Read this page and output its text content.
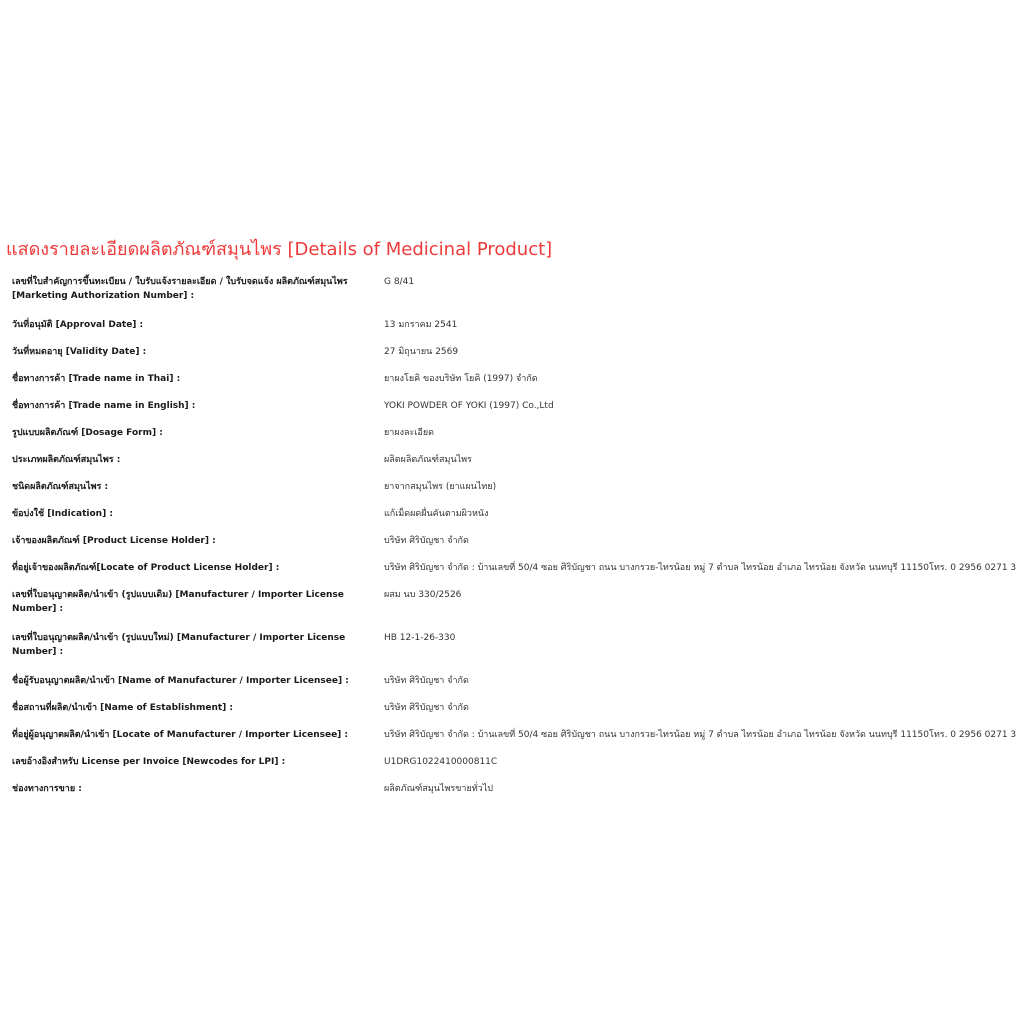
แสดงรายละเอียดผลิตภัณฑ์สมุนไพร [Details of Medicinal Product]
เลขที่ใบสำคัญการขึ้นทะเบียน / ใบรับแจ้งรายละเอียด / ใบรับจดแจ้ง ผลิตภัณฑ์สมุนไพร [Marketing Authorization Number] :
G 8/41
วันที่อนุมัติ [Approval Date] :	13 มกราคม 2541
วันที่หมดอายุ [Validity Date] :	27 มิถุนายน 2569
ชื่อทางการค้า [Trade name in Thai] :	ยาผงโยคิ ของบริษัท โยคิ (1997) จำกัด
ชื่อทางการค้า [Trade name in English] :	YOKI POWDER OF YOKI (1997) Co.,Ltd
รูปแบบผลิตภัณฑ์ [Dosage Form] :	ยาผงละเอียด
ประเภทผลิตภัณฑ์สมุนไพร :	ผลิตผลิตภัณฑ์สมุนไพร
ชนิดผลิตภัณฑ์สมุนไพร :	ยาจากสมุนไพร (ยาแผนไทย)
ข้อบ่งใช้ [Indication] :	แก้เม็ดผดผื่นคันตามผิวหนัง
เจ้าของผลิตภัณฑ์ [Product License Holder] :	บริษัท ศิริบัญชา จำกัด
ที่อยู่เจ้าของผลิตภัณฑ์[Locate of Product License Holder] :	บริษัท ศิริบัญชา จำกัด : บ้านเลขที่ 50/4 ซอย ศิริบัญชา ถนน บางกรวย-ไทรน้อย หมู่ 7 ตำบล ไทรน้อย อำเภอ ไทรน้อย จังหวัด นนทบุรี 11150โทร. 0 2956 0271 3
เลขที่ใบอนุญาตผลิต/นำเข้า (รูปแบบเดิม) [Manufacturer / Importer License Number] :
ผสม นบ 330/2526
เลขที่ใบอนุญาตผลิต/นำเข้า (รูปแบบใหม่) [Manufacturer / Importer License Number] :
HB 12-1-26-330
ชื่อผู้รับอนุญาตผลิต/นำเข้า [Name of Manufacturer / Importer Licensee] :	บริษัท ศิริบัญชา จำกัด
ชื่อสถานที่ผลิต/นำเข้า [Name of Establishment] :	บริษัท ศิริบัญชา จำกัด
ที่อยู่ผู้อนุญาตผลิต/นำเข้า [Locate of Manufacturer / Importer Licensee] :	บริษัท ศิริบัญชา จำกัด : บ้านเลขที่ 50/4 ซอย ศิริบัญชา ถนน บางกรวย-ไทรน้อย หมู่ 7 ตำบล ไทรน้อย อำเภอ ไทรน้อย จังหวัด นนทบุรี 11150โทร. 0 2956 0271 3
เลขอ้างอิงสำหรับ License per Invoice [Newcodes for LPI] :	U1DRG1022410000811C
ช่องทางการขาย :	ผลิตภัณฑ์สมุนไพรขายทั่วไป
